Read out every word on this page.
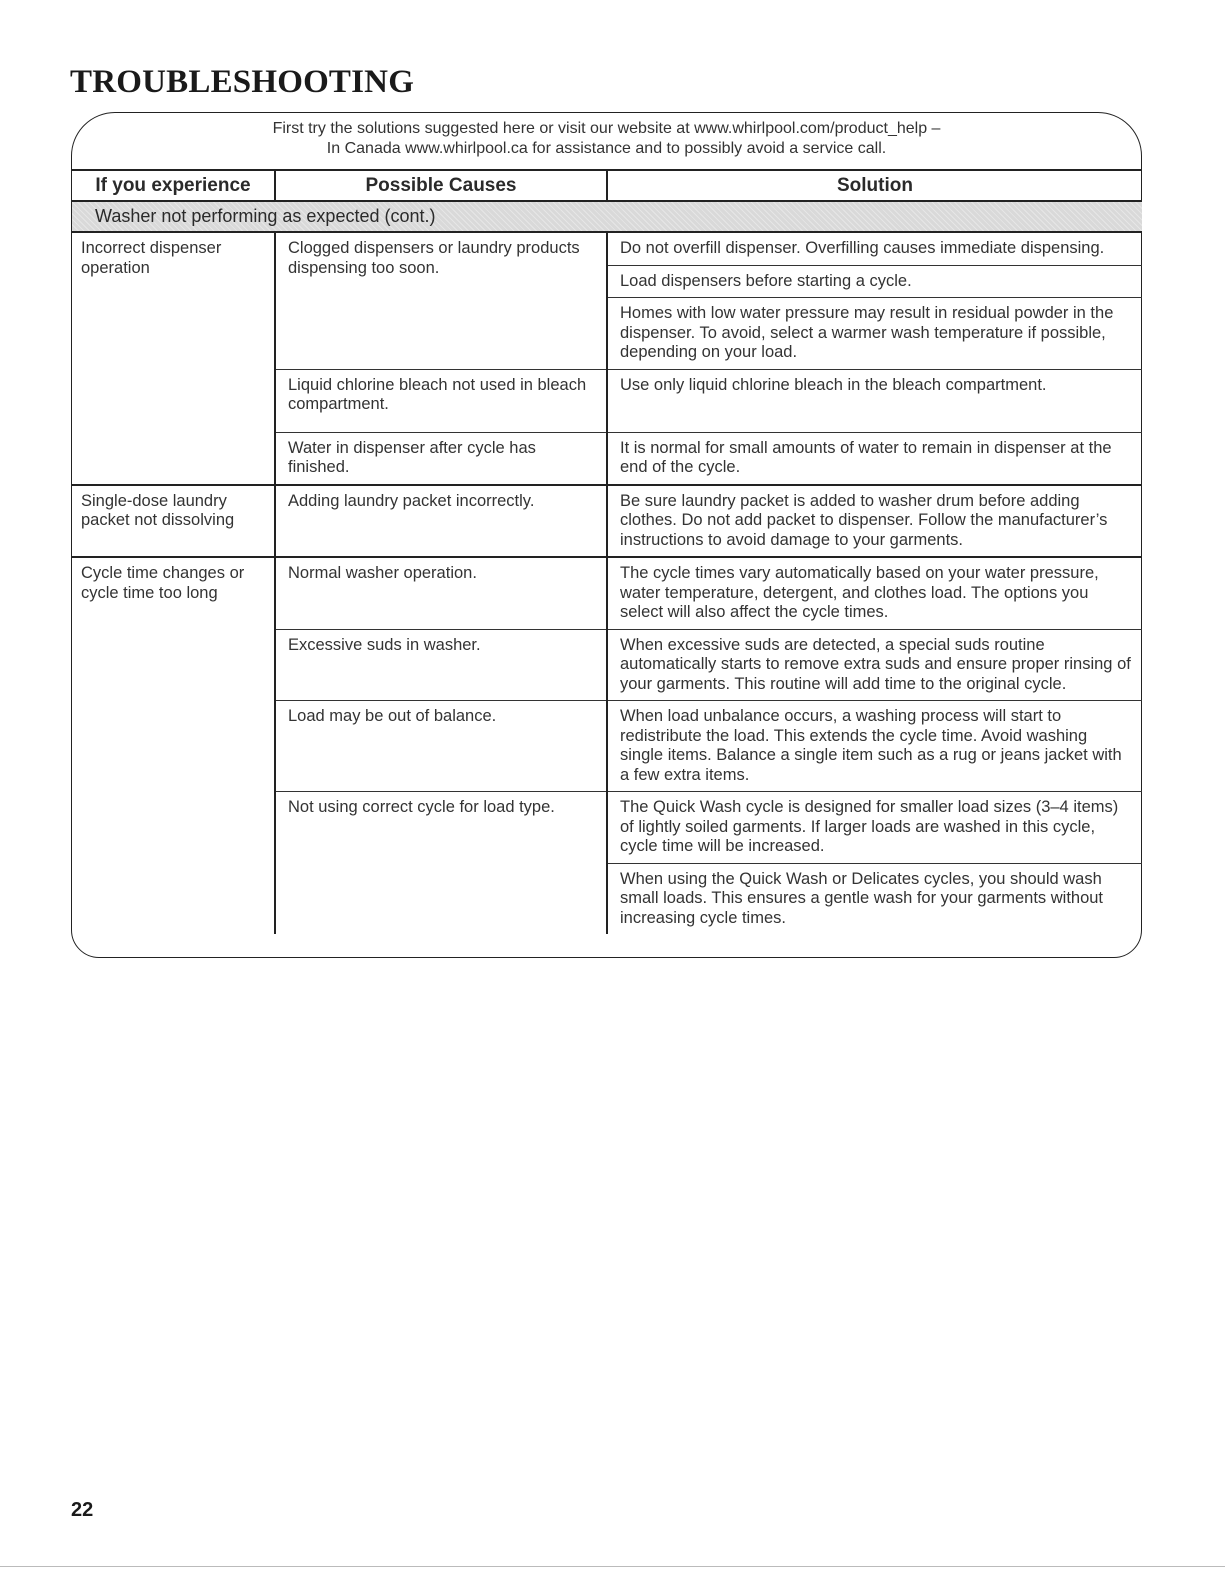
TROUBLESHOOTING
First try the solutions suggested here or visit our website at www.whirlpool.com/product_help –
In Canada www.whirlpool.ca for assistance and to possibly avoid a service call.
If you experience	Possible Causes	Solution
Washer not performing as expected (cont.)		
Incorrect dispenser operation	Clogged dispensers or laundry products dispensing too soon.	Do not overfill dispenser. Overfilling causes immediate dispensing.
		Load dispensers before starting a cycle.
		Homes with low water pressure may result in residual powder in the dispenser. To avoid, select a warmer wash temperature if possible, depending on your load.
	Liquid chlorine bleach not used in bleach compartment.	Use only liquid chlorine bleach in the bleach compartment.
	Water in dispenser after cycle has finished.	It is normal for small amounts of water to remain in dispenser at the end of the cycle.
Single-dose laundry packet not dissolving	Adding laundry packet incorrectly.	Be sure laundry packet is added to washer drum before adding clothes. Do not add packet to dispenser. Follow the manufacturer’s instructions to avoid damage to your garments.
Cycle time changes or cycle time too long	Normal washer operation.	The cycle times vary automatically based on your water pressure, water temperature, detergent, and clothes load. The options you select will also affect the cycle times.
	Excessive suds in washer.	When excessive suds are detected, a special suds routine automatically starts to remove extra suds and ensure proper rinsing of your garments. This routine will add time to the original cycle.
	Load may be out of balance.	When load unbalance occurs, a washing process will start to redistribute the load. This extends the cycle time. Avoid washing single items. Balance a single item such as a rug or jeans jacket with a few extra items.
	Not using correct cycle for load type.	The Quick Wash cycle is designed for smaller load sizes (3–4 items) of lightly soiled garments. If larger loads are washed in this cycle, cycle time will be increased.
		When using the Quick Wash or Delicates cycles, you should wash small loads. This ensures a gentle wash for your garments without increasing cycle times.
22
